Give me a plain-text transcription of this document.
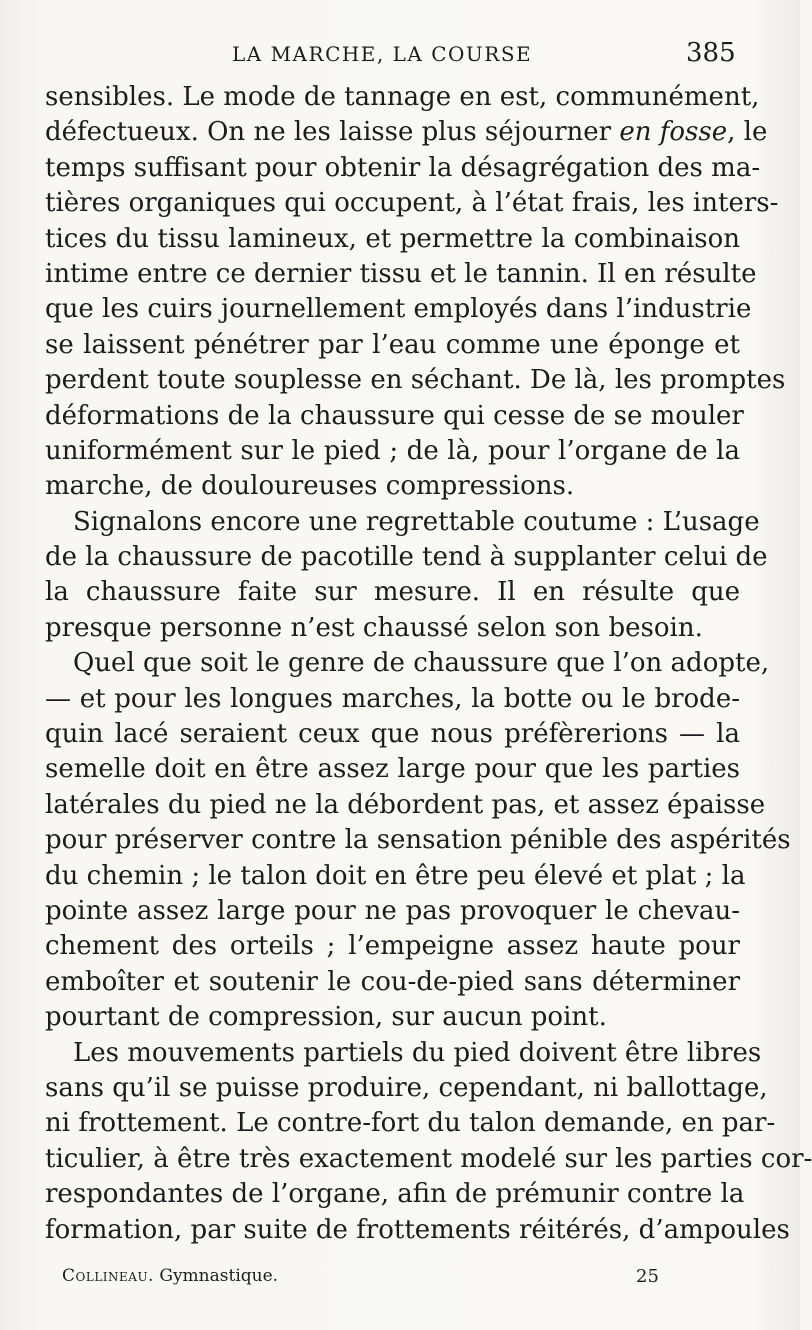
LA MARCHE, LA COURSE	385
sensibles. Le mode de tannage en est, communément,
défectueux. On ne les laisse plus séjourner en fosse, le
temps suffisant pour obtenir la désagrégation des ma-
tières organiques qui occupent, à l’état frais, les inters-
tices du tissu lamineux, et permettre la combinaison
intime entre ce dernier tissu et le tannin. Il en résulte
que les cuirs journellement employés dans l’industrie
se laissent pénétrer par l’eau comme une éponge et
perdent toute souplesse en séchant. De là, les promptes
déformations de la chaussure qui cesse de se mouler
uniformément sur le pied ; de là, pour l’organe de la
marche, de douloureuses compressions.
Signalons encore une regrettable coutume : L’usage
de la chaussure de pacotille tend à supplanter celui de
la chaussure faite sur mesure. Il en résulte que
presque personne n’est chaussé selon son besoin.
Quel que soit le genre de chaussure que l’on adopte,
— et pour les longues marches, la botte ou le brode-
quin lacé seraient ceux que nous préfèrerions — la
semelle doit en être assez large pour que les parties
latérales du pied ne la débordent pas, et assez épaisse
pour préserver contre la sensation pénible des aspérités
du chemin ; le talon doit en être peu élevé et plat ; la
pointe assez large pour ne pas provoquer le chevau-
chement des orteils ; l’empeigne assez haute pour
emboîter et soutenir le cou-de-pied sans déterminer
pourtant de compression, sur aucun point.
Les mouvements partiels du pied doivent être libres
sans qu’il se puisse produire, cependant, ni ballottage,
ni frottement. Le contre-fort du talon demande, en par-
ticulier, à être très exactement modelé sur les parties cor-
respondantes de l’organe, afin de prémunir contre la
formation, par suite de frottements réitérés, d’ampoules
Collineau. Gymnastique.	25
